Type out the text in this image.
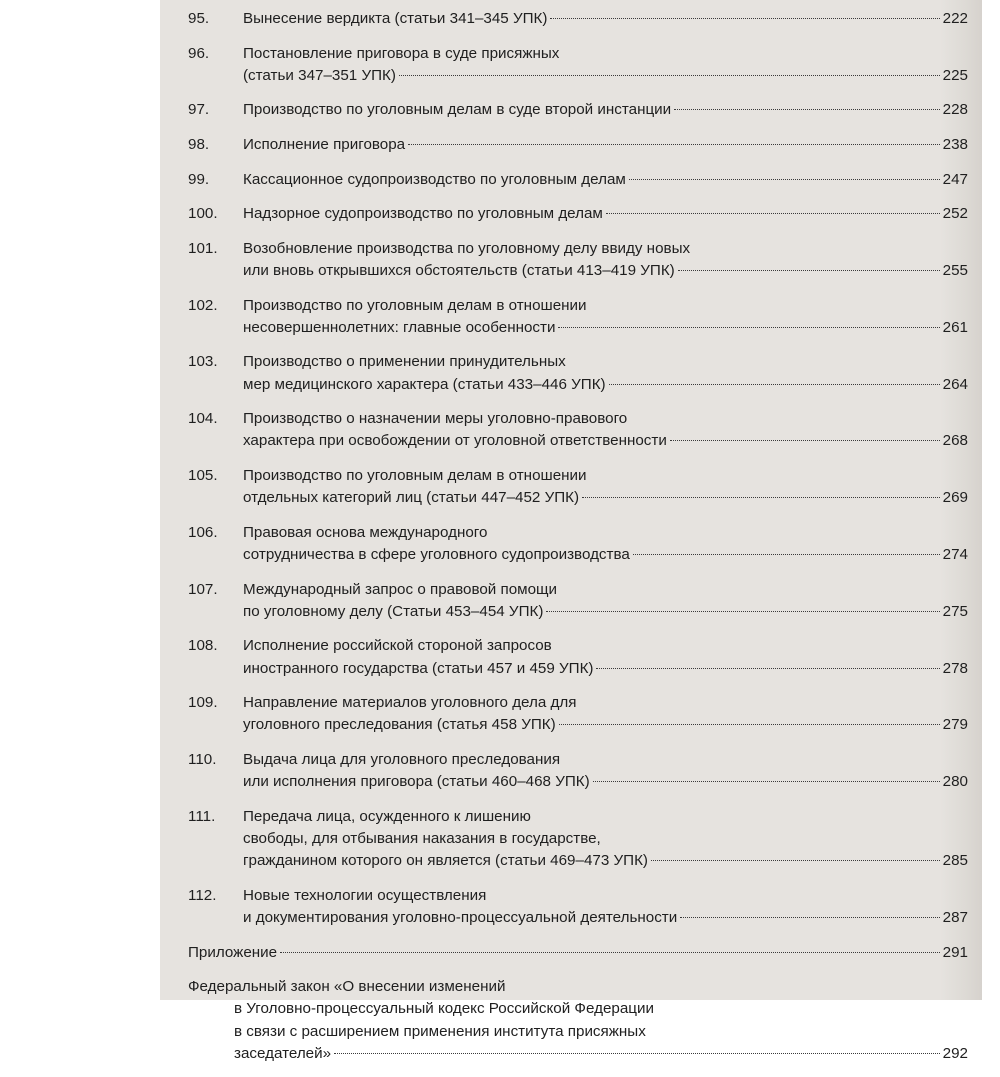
95.	Вынесение вердикта (статьи 341–345 УПК)	222
96.	Постановление приговора в суде присяжных
(статьи 347–351 УПК)	225
97.	Производство по уголовным делам в суде второй инстанции	228
98.	Исполнение приговора	238
99.	Кассационное судопроизводство по уголовным делам	247
100.	Надзорное судопроизводство по уголовным делам	252
101.	Возобновление производства по уголовному делу ввиду новых
или вновь открывшихся обстоятельств (статьи 413–419 УПК)	255
102.	Производство по уголовным делам в отношении
несовершеннолетних: главные особенности	261
103.	Производство о применении принудительных
мер медицинского характера (статьи 433–446 УПК)	264
104.	Производство о назначении меры уголовно-правового
характера при освобождении от уголовной ответственности	268
105.	Производство по уголовным делам в отношении
отдельных категорий лиц (статьи 447–452 УПК)	269
106.	Правовая основа международного
сотрудничества в сфере уголовного судопроизводства	274
107.	Международный запрос о правовой помощи
по уголовному делу (Статьи 453–454 УПК)	275
108.	Исполнение российской стороной запросов
иностранного государства (статьи 457 и 459 УПК)	278
109.	Направление материалов уголовного дела для
уголовного преследования (статья 458 УПК)	279
110.	Выдача лица для уголовного преследования
или исполнения приговора (статьи 460–468 УПК)	280
111.	Передача лица, осужденного к лишению
свободы, для отбывания наказания в государстве,
гражданином которого он является (статьи 469–473 УПК)	285
112.	Новые технологии осуществления
и документирования уголовно-процессуальной деятельности	287
Приложение	291
Федеральный закон «О внесении изменений
в Уголовно-процессуальный кодекс Российской Федерации
в связи с расширением применения института присяжных
заседателей»	292
